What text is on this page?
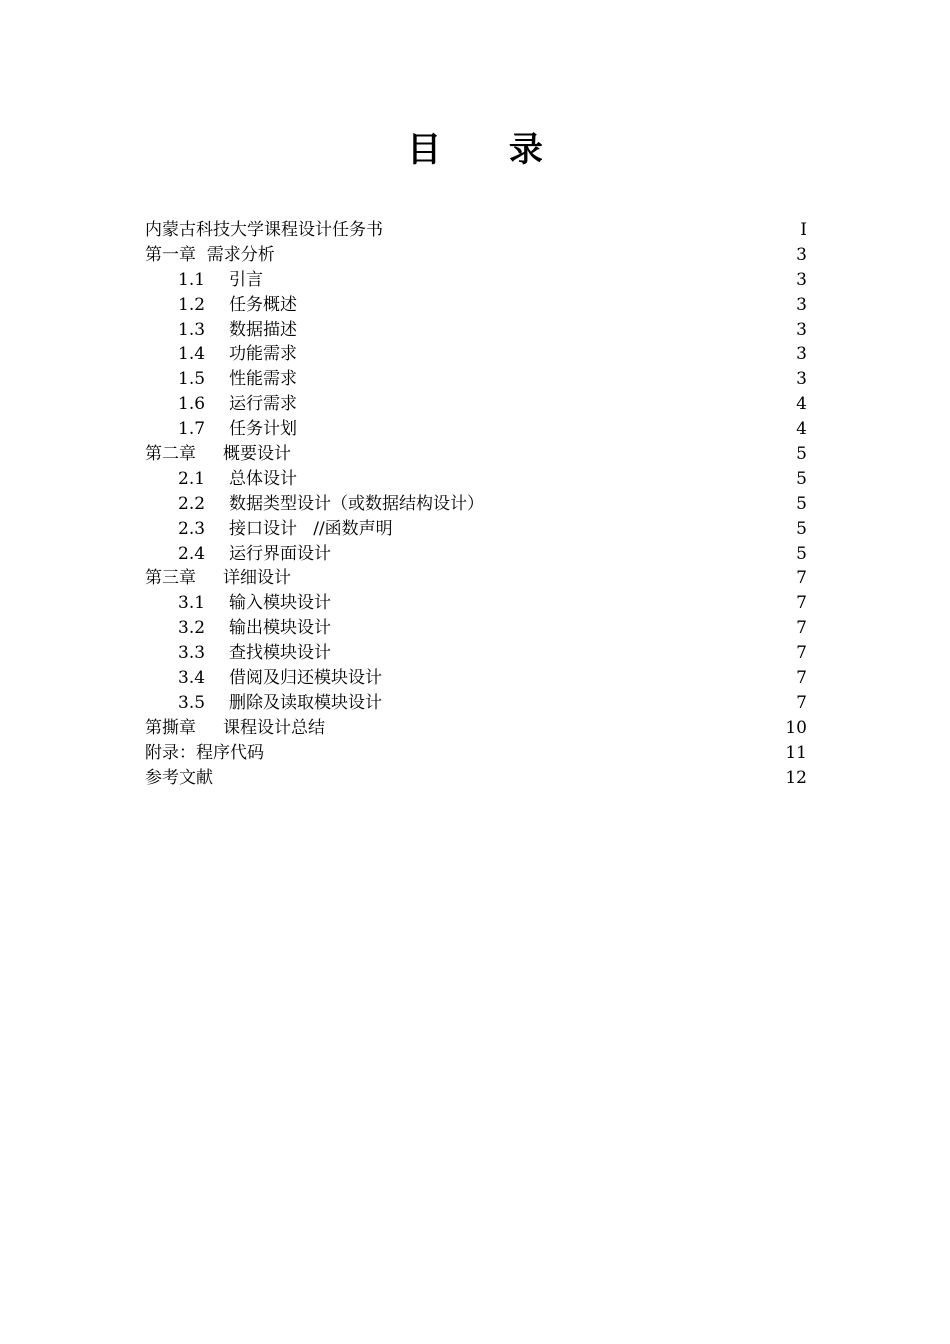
目 录
内蒙古科技大学课程设计任务书	I
第一章  需求分析	3
1.1 引言	3
1.2 任务概述	3
1.3 数据描述	3
1.4 功能需求	3
1.5 性能需求	3
1.6 运行需求	4
1.7 任务计划	4
第二章     概要设计	5
2.1 总体设计	5
2.2 数据类型设计（或数据结构设计）	5
2.3 接口设计   //函数声明	5
2.4 运行界面设计	5
第三章     详细设计	7
3.1 输入模块设计	7
3.2 输出模块设计	7
3.3 查找模块设计	7
3.4 借阅及归还模块设计	7
3.5 删除及读取模块设计	7
第撕章     课程设计总结	10
附录：程序代码	11
参考文献	12
